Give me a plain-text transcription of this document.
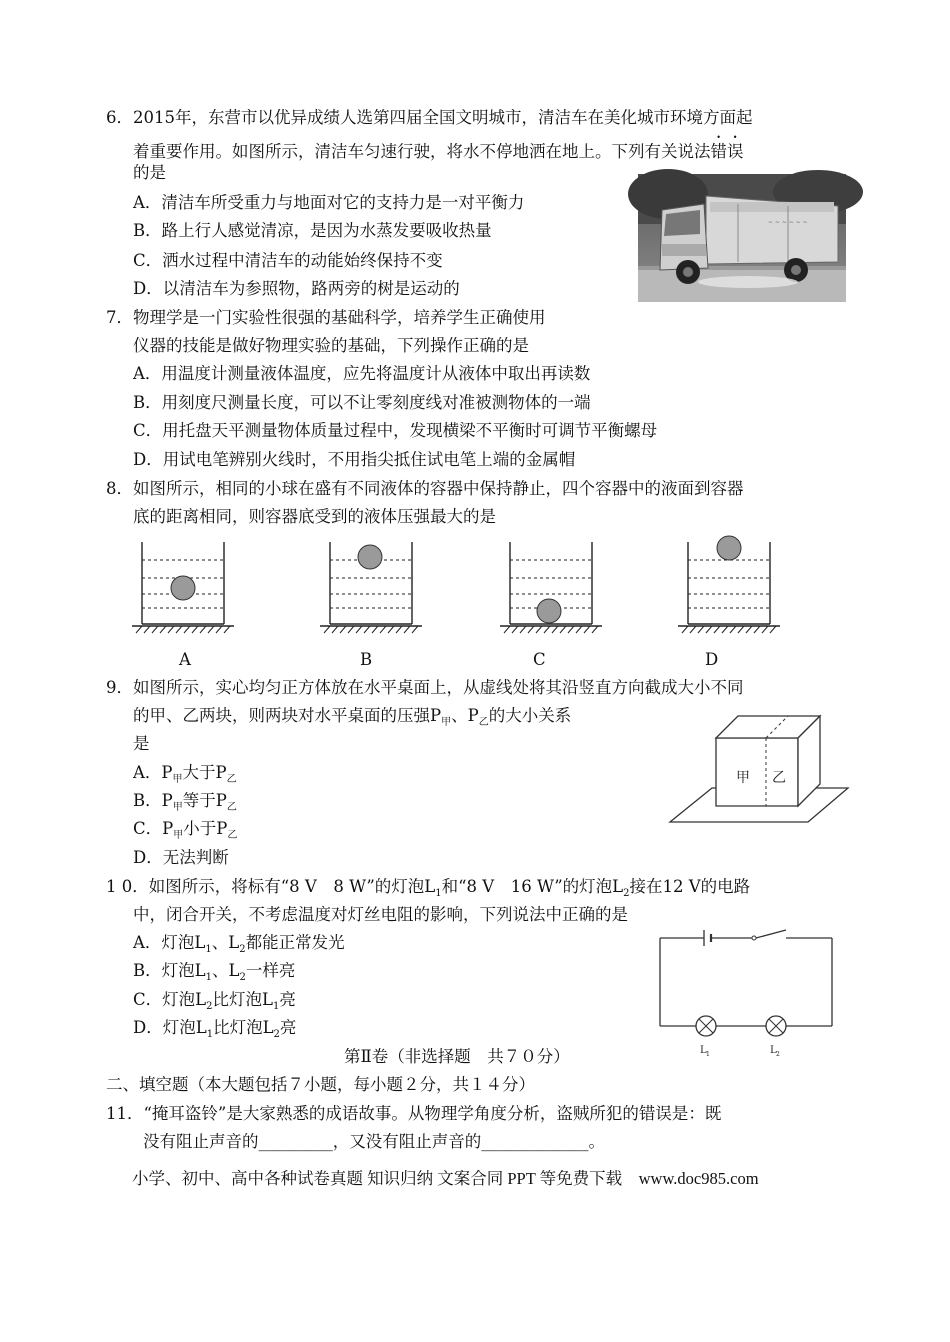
6．2015年，东营市以优异成绩人选第四届全国文明城市，清洁车在美化城市环境方面起
着重要作用。如图所示，清洁车匀速行驶，将水不停地洒在地上。下列有关说法错误
的是
A．清洁车所受重力与地面对它的支持力是一对平衡力
B．路上行人感觉清凉，是因为水蒸发要吸收热量
C．洒水过程中清洁车的动能始终保持不变
D．以清洁车为参照物，路两旁的树是运动的
~ ~ ~ ~ ~ ~
7．物理学是一门实验性很强的基础科学，培养学生正确使用
仪器的技能是做好物理实验的基础，下列操作正确的是
A．用温度计测量液体温度，应先将温度计从液体中取出再读数
B．用刻度尺测量长度，可以不让零刻度线对准被测物体的一端
C．用托盘天平测量物体质量过程中，发现横梁不平衡时可调节平衡螺母
D．用试电笔辨别火线时，不用指尖抵住试电笔上端的金属帽
8．如图所示，相同的小球在盛有不同液体的容器中保持静止，四个容器中的液面到容器
底的距离相同，则容器底受到的液体压强最大的是
A	B	C	D
9．如图所示，实心均匀正方体放在水平桌面上，从虚线处将其沿竖直方向截成大小不同
的甲、乙两块，则两块对水平桌面的压强$P_甲$、$P_乙$的大小关系
是
A．$P_甲$大于$P_乙$
B．$P_甲$等于$P_乙$
C．$P_甲$小于$P_乙$
D．无法判断
甲 乙
1 0．如图所示，将标有“8 V　8 W”的灯泡$L_1$和“8 V　16 W”的灯泡$L_2$接在12 V的电路
中，闭合开关，不考虑温度对灯丝电阻的影响，下列说法中正确的是
A．灯泡$L_1$、$L_2$都能正常发光
B．灯泡$L_1$、$L_2$一样亮
C．灯泡$L_2$比灯泡$L_1$亮
D．灯泡$L_1$比灯泡$L_2$亮
L 1	L 2
第Ⅱ卷（非选择题　共７０分）
二、填空题（本大题包括７小题，每小题２分，共１４分）
11．“掩耳盗铃”是大家熟悉的成语故事。从物理学角度分析，盗贼所犯的错误是：既
没有阻止声音的_________，又没有阻止声音的_____________。
小学、初中、高中各种试卷真题 知识归纳 文案合同 PPT 等免费下载　www.doc985.com
